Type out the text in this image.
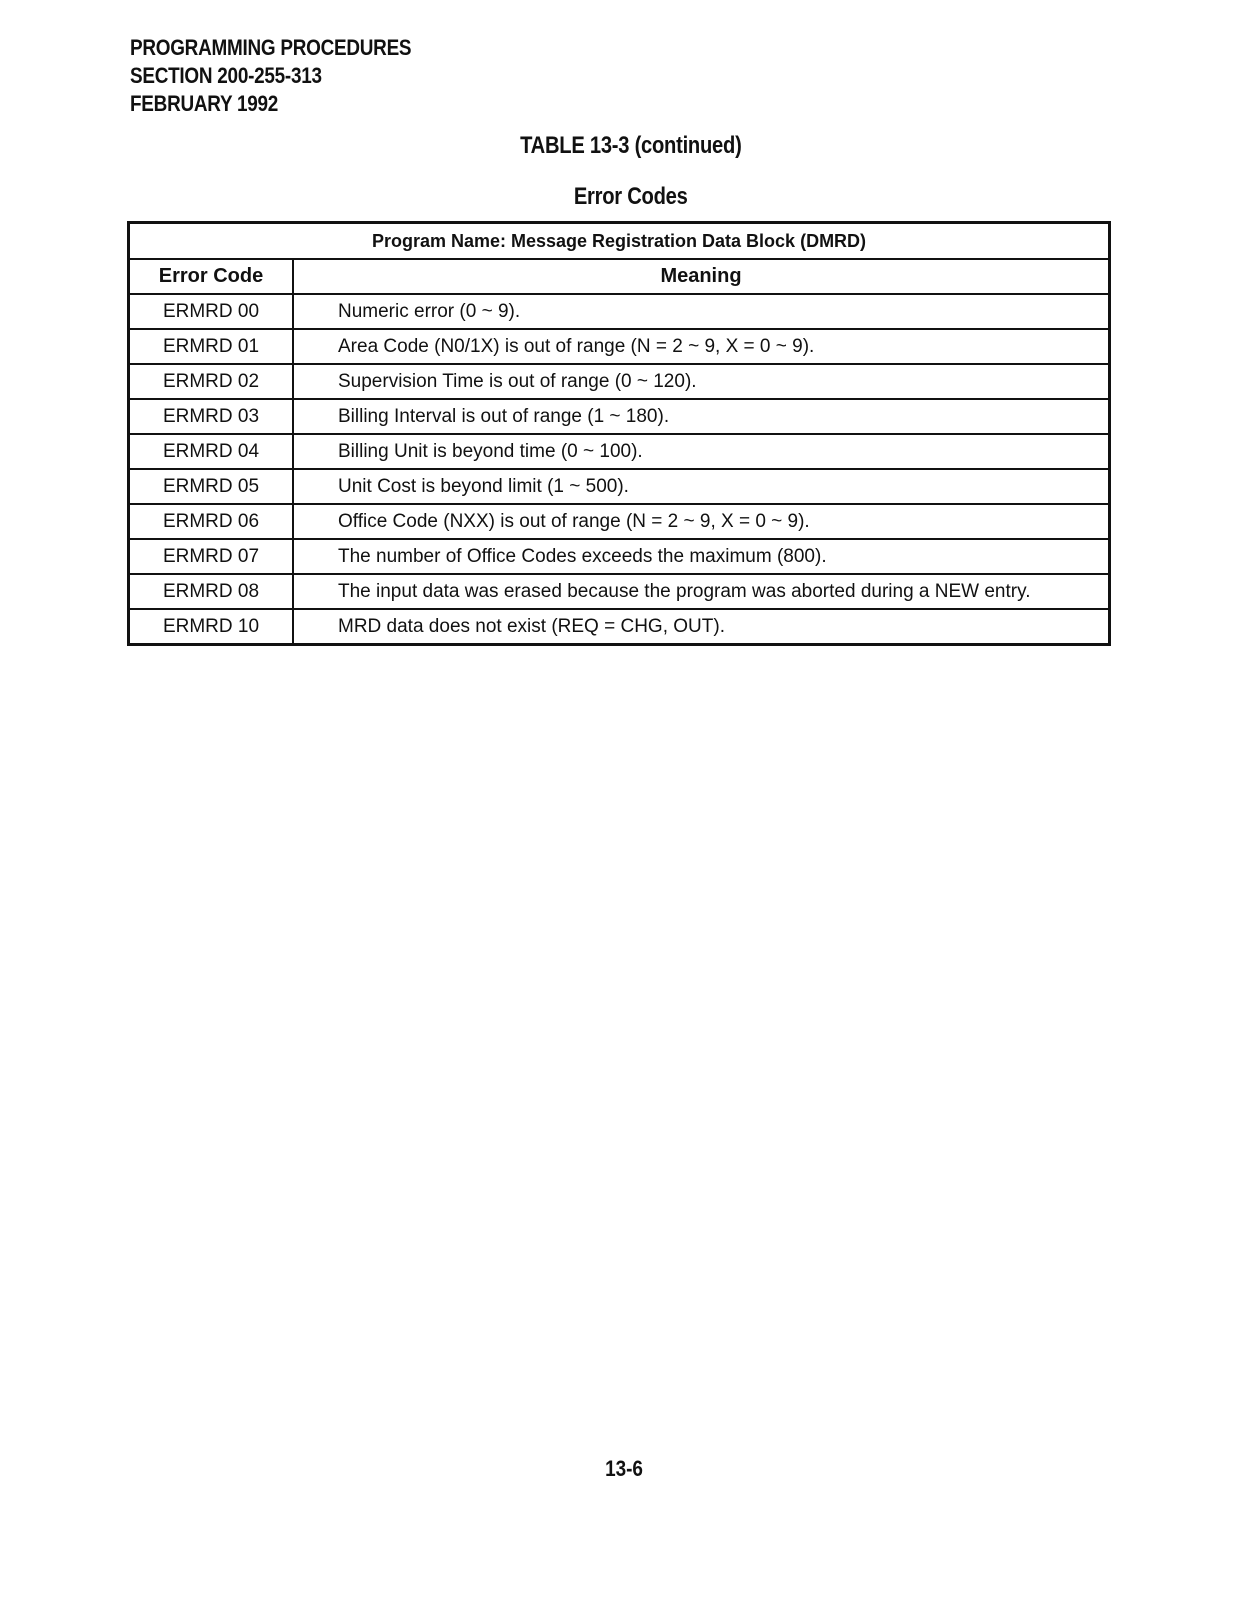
PROGRAMMING PROCEDURES
SECTION 200-255-313
FEBRUARY 1992
TABLE 13-3 (continued)
Error Codes
Program Name: Message Registration Data Block (DMRD)	
Error Code	Meaning
ERMRD 00	Numeric error (0 ~ 9).
ERMRD 01	Area Code (N0/1X) is out of range (N = 2 ~ 9, X = 0 ~ 9).
ERMRD 02	Supervision Time is out of range (0 ~ 120).
ERMRD 03	Billing Interval is out of range (1 ~ 180).
ERMRD 04	Billing Unit is beyond time (0 ~ 100).
ERMRD 05	Unit Cost is beyond limit (1 ~ 500).
ERMRD 06	Office Code (NXX) is out of range (N = 2 ~ 9, X = 0 ~ 9).
ERMRD 07	The number of Office Codes exceeds the maximum (800).
ERMRD 08	The input data was erased because the program was aborted during a NEW entry.
ERMRD 10	MRD data does not exist (REQ = CHG, OUT).
13-6
